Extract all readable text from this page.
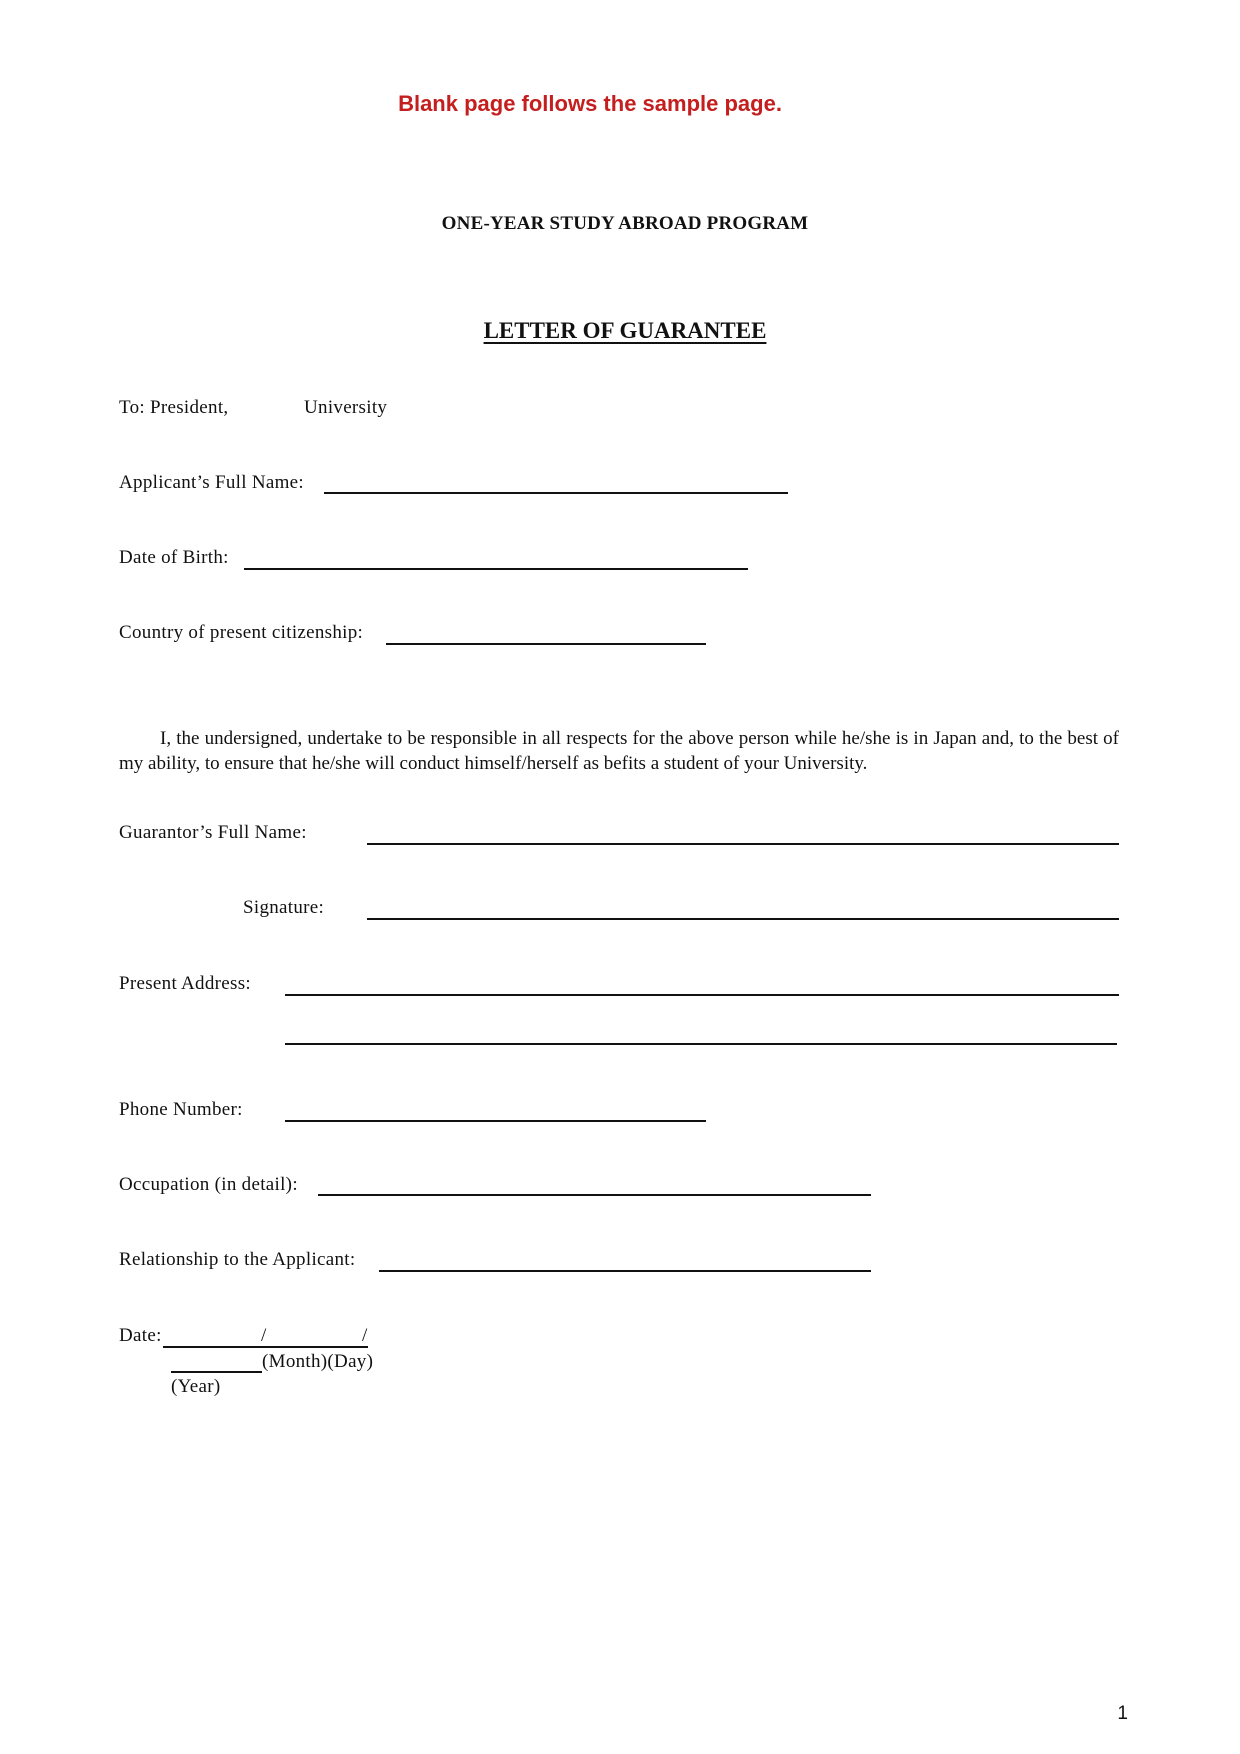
Blank page follows the sample page.
ONE-YEAR STUDY ABROAD PROGRAM
LETTER OF GUARANTEE
To: President,	University
Applicant’s Full Name:
Date of Birth:
Country of present citizenship:
I, the undersigned, undertake to be responsible in all respects for the above person while he/she is in Japan and, to the best of my ability, to ensure that he/she will conduct himself/herself as befits a student of your University.
Guarantor’s Full Name:
Signature:
Present Address:
Phone Number:
Occupation (in detail):
Relationship to the Applicant:
Date:	/	/
(Month)(Day)
(Year)
1
